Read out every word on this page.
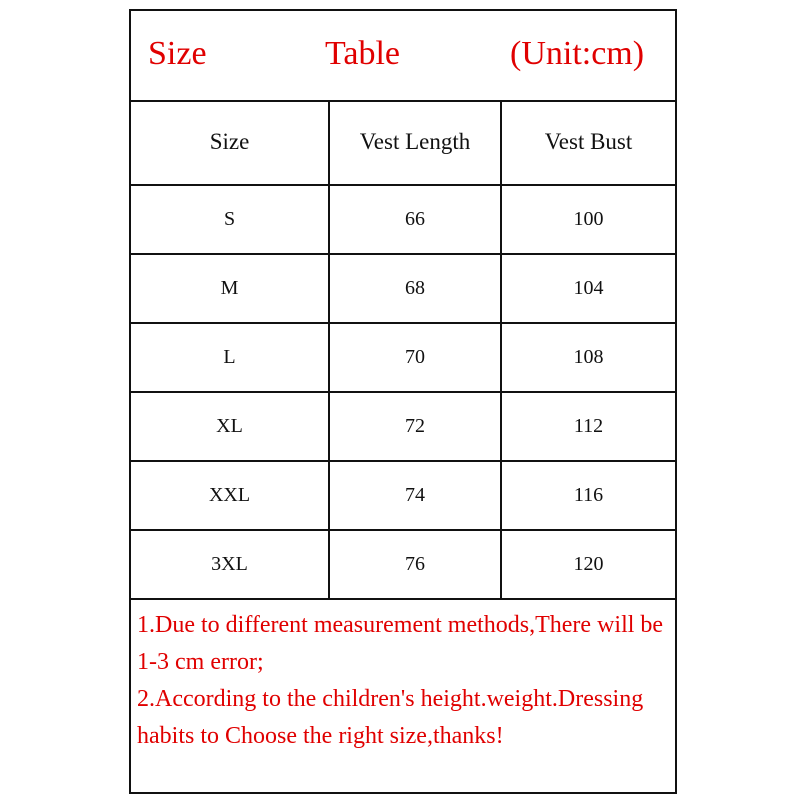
Size	Table	(Unit:cm)
Size	Vest Length	Vest Bust
S	66	100
M	68	104
L	70	108
XL	72	112
XXL	74	116
3XL	76	120

1.Due to different measurement methods,There will be 1-3 cm error;

2.According to the children's height.weight.Dressing habits to Choose the right size,thanks!
